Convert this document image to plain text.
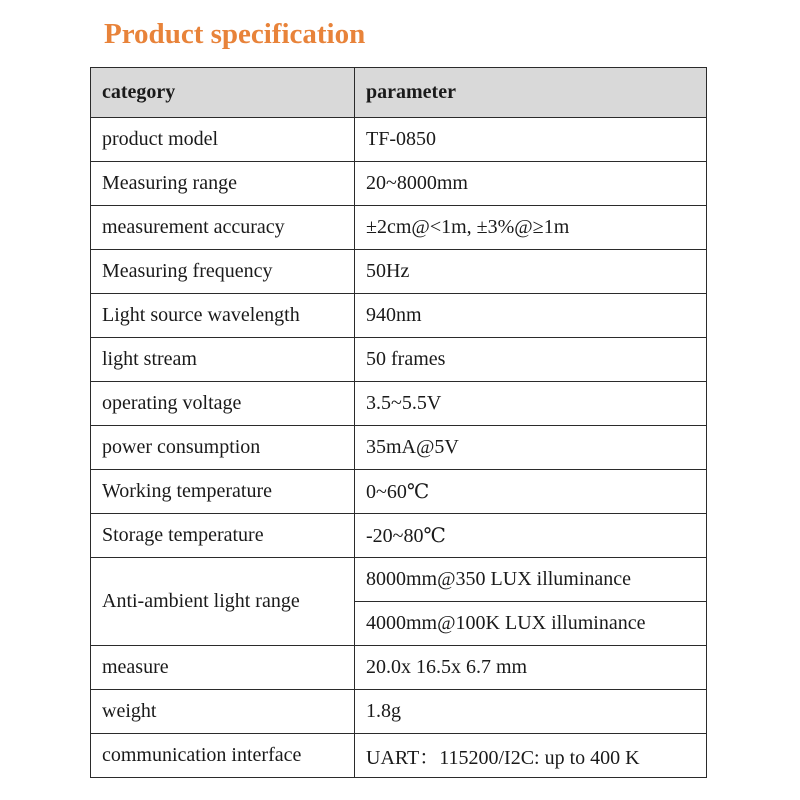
Product specification
category	parameter
product model	TF-0850
Measuring range	20~8000mm
measurement accuracy	±2cm@<1m, ±3%@≥1m
Measuring frequency	50Hz
Light source wavelength	940nm
light stream	50 frames
operating voltage	3.5~5.5V
power consumption	35mA@5V
Working temperature	0~60℃
Storage temperature	-20~80℃
Anti-ambient light range	8000mm@350 LUX illuminance
	4000mm@100K LUX illuminance
measure	20.0x 16.5x 6.7 mm
weight	1.8g
communication interface	UART：115200/I2C: up to 400 K
